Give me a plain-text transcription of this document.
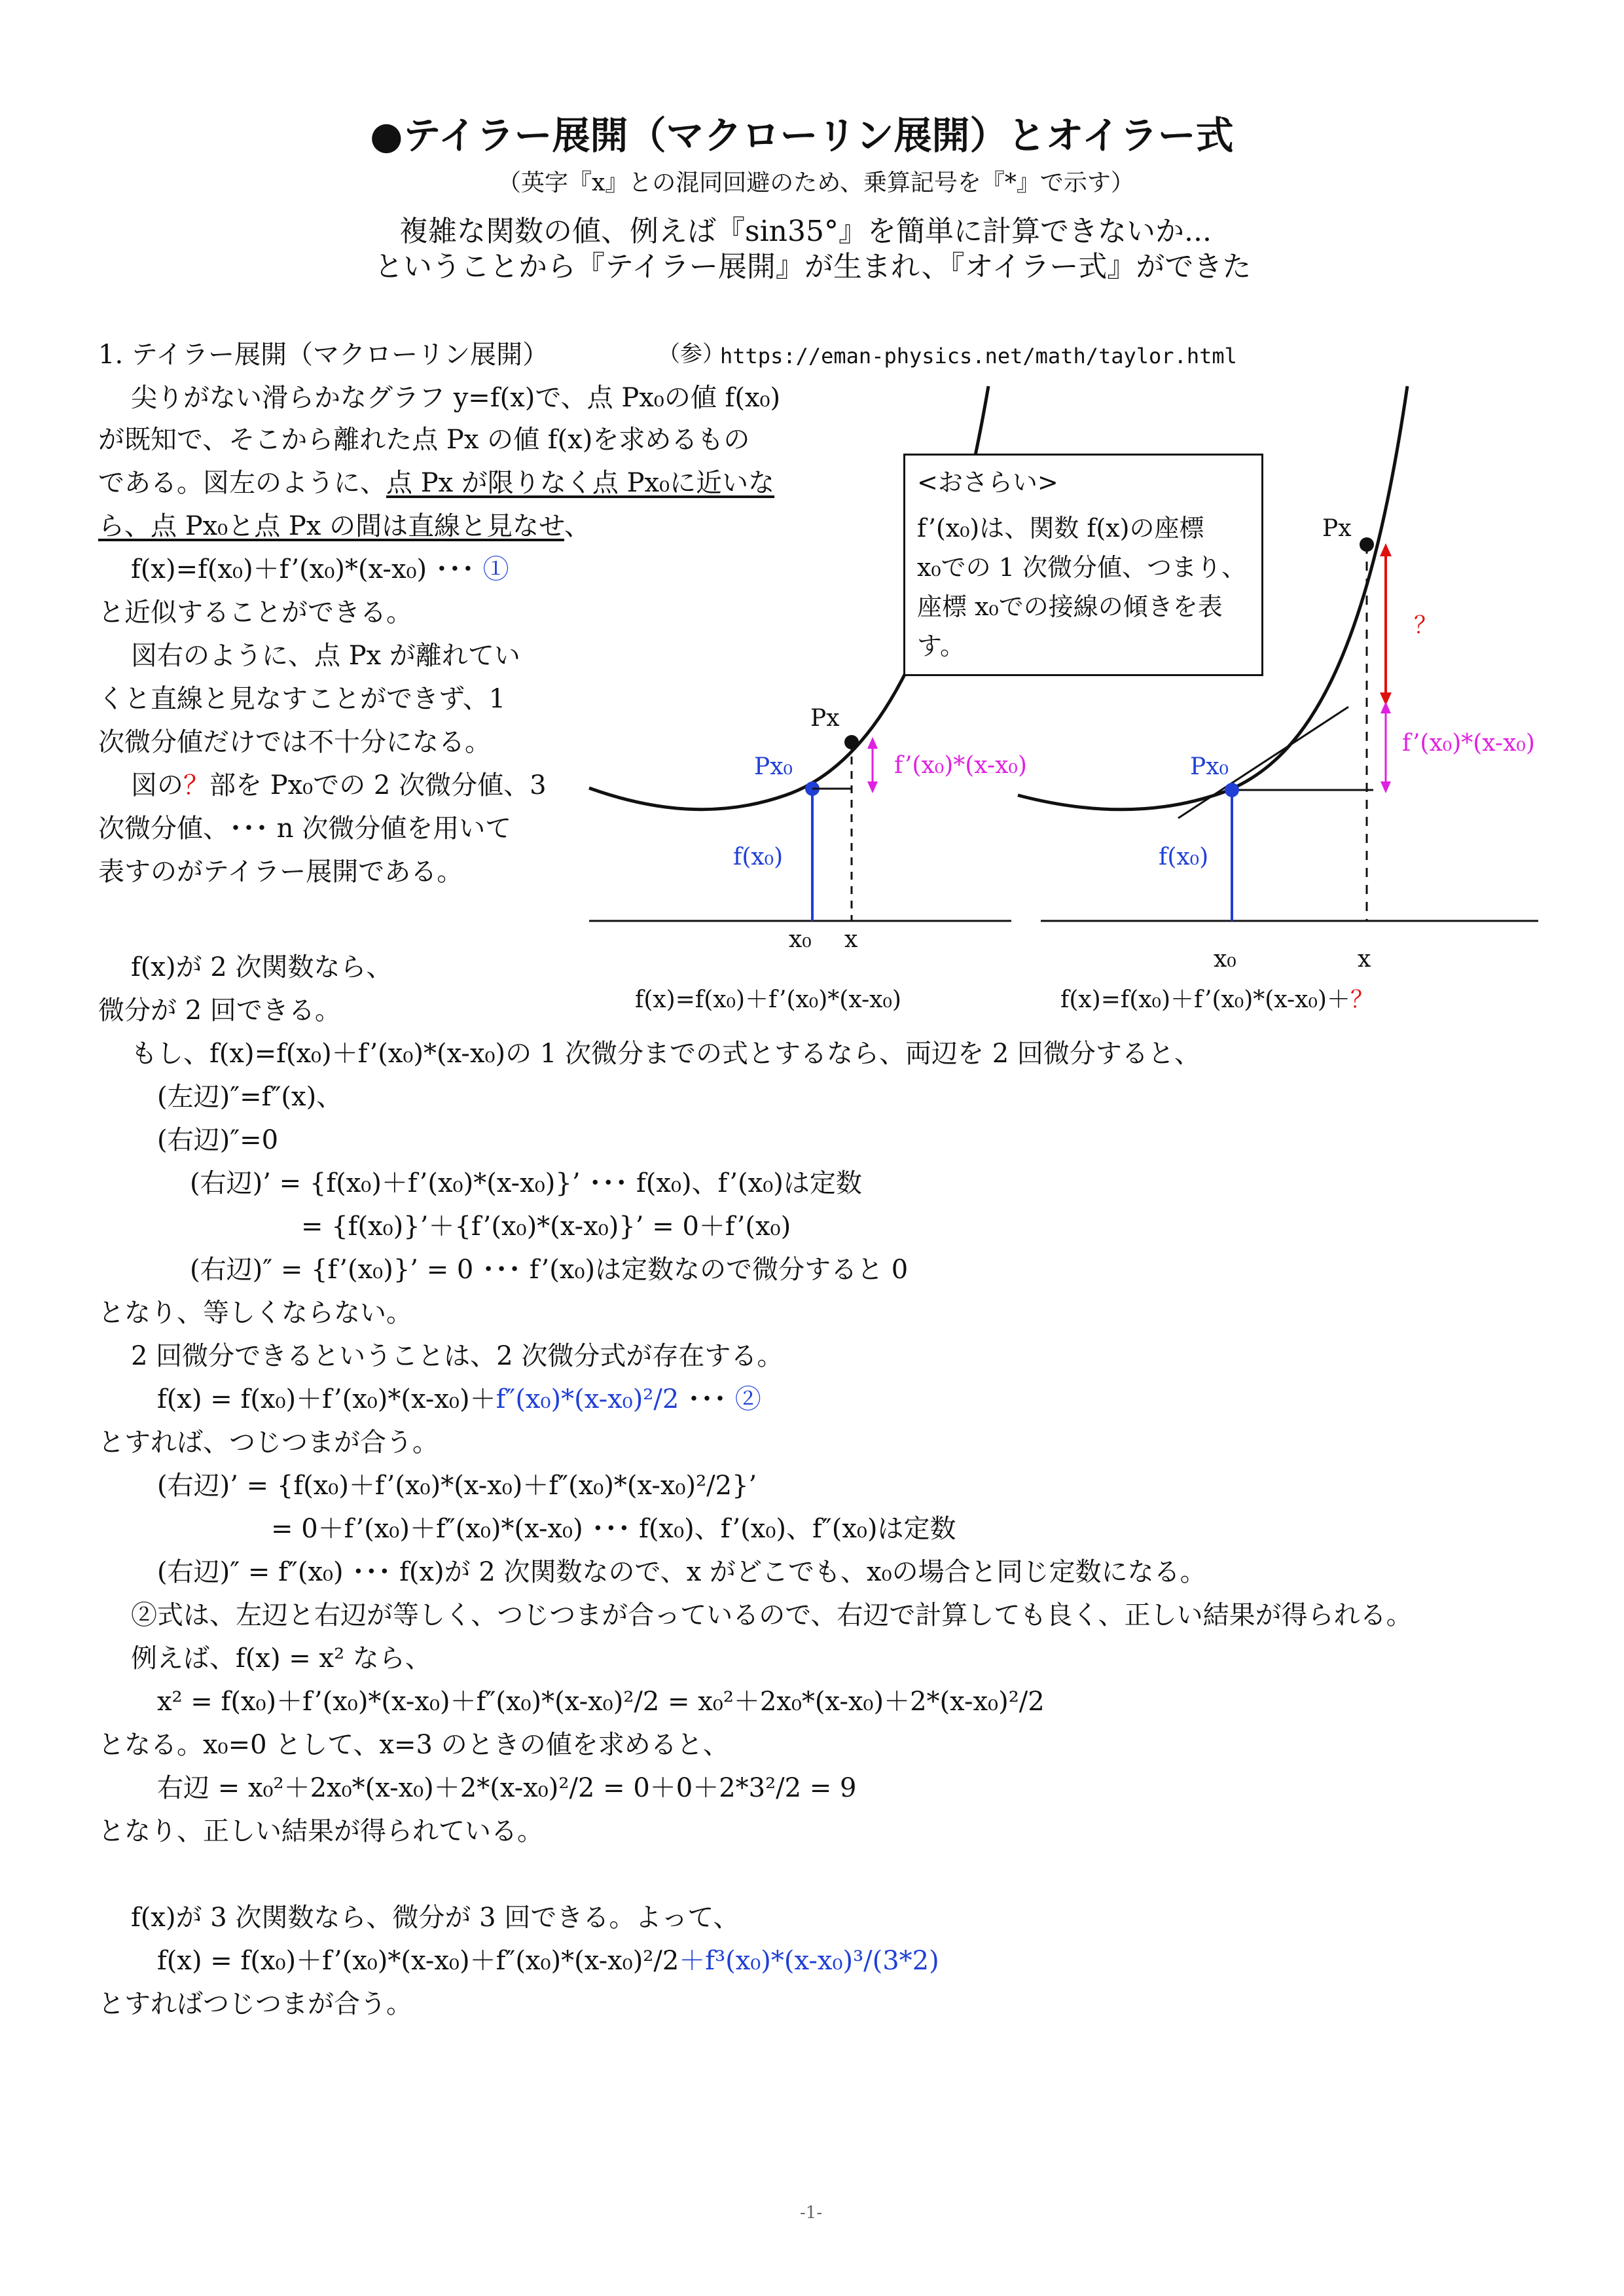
●テイラー展開（マクローリン展開）とオイラー式
（英字『x』との混同回避のため、乗算記号を『*』で示す）
複雑な関数の値、例えば『sin35°』を簡単に計算できないか...
ということから『テイラー展開』が生まれ、『オイラー式』ができた
1. テイラー展開（マクローリン展開）	（参）
https://eman-physics.net/math/taylor.html
尖りがない滑らかなグラフ y=f(x)で、点 Px₀の値 f(x₀)
が既知で、そこから離れた点 Px の値 f(x)を求めるもの
である。図左のように、点 Px が限りなく点 Px₀に近いな
ら、点 Px₀と点 Px の間は直線と見なせ、
f(x)=f(x₀)＋f’(x₀)*(x-x₀) ･･･ ①
と近似することができる。
図右のように、点 Px が離れてい
くと直線と見なすことができず、1
次微分値だけでは不十分になる。
図の？部を Px₀での 2 次微分値、3
次微分値、･･･ n 次微分値を用いて
表すのがテイラー展開である。
<おさらい>
f’(x₀)は、関数 f(x)の座標
x₀での 1 次微分値、つまり、
座標 x₀での接線の傾きを表
す。
Px
Px₀
f(x₀)
f’(x₀)*(x-x₀)
x₀ x
f(x)=f(x₀)＋f’(x₀)*(x-x₀)
Px
？
Px₀
f(x₀)
f’(x₀)*(x-x₀)
x₀	x
f(x)=f(x₀)＋f’(x₀)*(x-x₀)＋？
f(x)が 2 次関数なら、
微分が 2 回できる。
もし、f(x)=f(x₀)＋f’(x₀)*(x-x₀)の 1 次微分までの式とするなら、両辺を 2 回微分すると、
(左辺)″=f″(x)、
(右辺)″=0
(右辺)’ = {f(x₀)＋f’(x₀)*(x-x₀)}’ ･･･ f(x₀)、f’(x₀)は定数
= {f(x₀)}’＋{f’(x₀)*(x-x₀)}’ = 0＋f’(x₀)
(右辺)″ = {f’(x₀)}’ = 0 ･･･ f’(x₀)は定数なので微分すると 0
となり、等しくならない。
2 回微分できるということは、2 次微分式が存在する。
f(x) = f(x₀)＋f’(x₀)*(x-x₀)＋f″(x₀)*(x-x₀)²/2 ･･･ ②
とすれば、つじつまが合う。
(右辺)’ = {f(x₀)＋f’(x₀)*(x-x₀)＋f″(x₀)*(x-x₀)²/2}’
= 0＋f’(x₀)＋f″(x₀)*(x-x₀) ･･･ f(x₀)、f’(x₀)、f″(x₀)は定数
(右辺)″ = f″(x₀) ･･･ f(x)が 2 次関数なので、x がどこでも、x₀の場合と同じ定数になる。
②式は、左辺と右辺が等しく、つじつまが合っているので、右辺で計算しても良く、正しい結果が得られる。
例えば、f(x) = x² なら、
x² = f(x₀)＋f’(x₀)*(x-x₀)＋f″(x₀)*(x-x₀)²/2 = x₀²＋2x₀*(x-x₀)＋2*(x-x₀)²/2
となる。x₀=0 として、x=3 のときの値を求めると、
右辺 = x₀²＋2x₀*(x-x₀)＋2*(x-x₀)²/2 = 0＋0＋2*3²/2 = 9
となり、正しい結果が得られている。
f(x)が 3 次関数なら、微分が 3 回できる。よって、
f(x) = f(x₀)＋f’(x₀)*(x-x₀)＋f″(x₀)*(x-x₀)²/2＋f³(x₀)*(x-x₀)³/(3*2)
とすればつじつまが合う。
-1-
